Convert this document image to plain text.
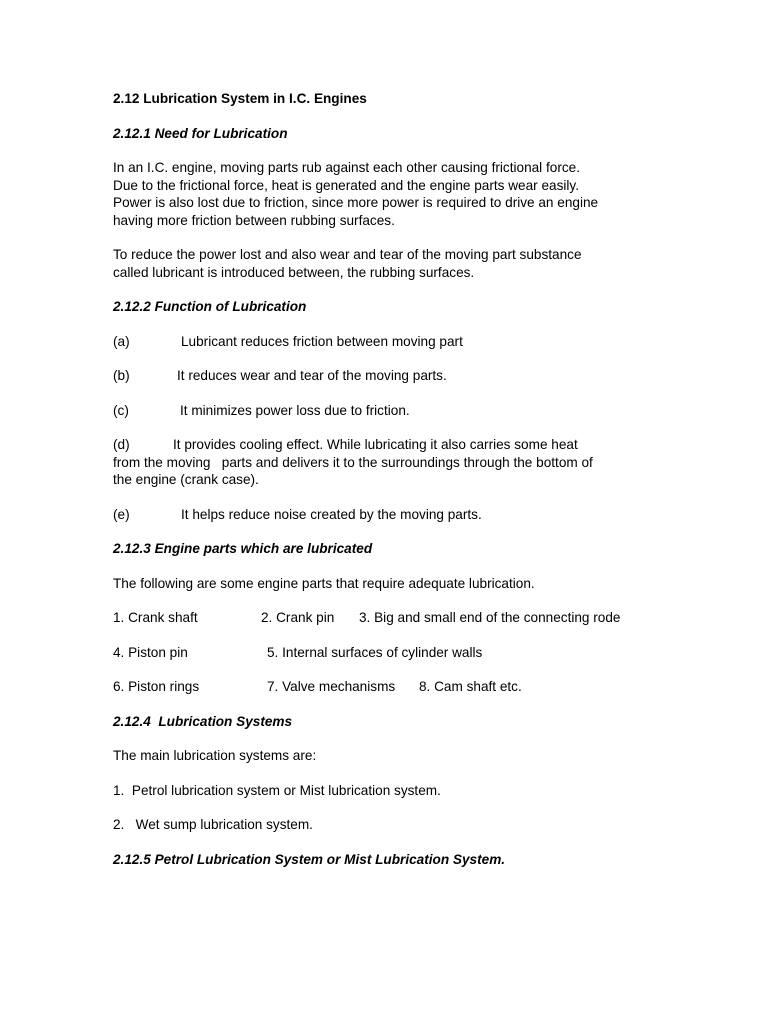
2.12 Lubrication System in I.C. Engines
2.12.1 Need for Lubrication

In an I.C. engine, moving parts rub against each other causing frictional force.
Due to the frictional force, heat is generated and the engine parts wear easily.
Power is also lost due to friction, since more power is required to drive an engine
having more friction between rubbing surfaces.

To reduce the power lost and also wear and tear of the moving part substance
called lubricant is introduced between, the rubbing surfaces.

2.12.2 Function of Lubrication
(a)	Lubricant reduces friction between moving part
(b)	It reduces wear and tear of the moving parts.
(c)	It minimizes power loss due to friction.
(d)	It provides cooling effect. While lubricating it also carries some heat
from the moving   parts and delivers it to the surroundings through the bottom of
the engine (crank case).
(e)	It helps reduce noise created by the moving parts.
2.12.3 Engine parts which are lubricated

The following are some engine parts that require adequate lubrication.

1. Crank shaft	2. Crank pin 3. Big and small end of the connecting rode
4. Piston pin	5. Internal surfaces of cylinder walls
6. Piston rings	7. Valve mechanisms 8. Cam shaft etc.
2.12.4  Lubrication Systems

The main lubrication systems are:

1.  Petrol lubrication system or Mist lubrication system.
2.   Wet sump lubrication system.
2.12.5 Petrol Lubrication System or Mist Lubrication System.
